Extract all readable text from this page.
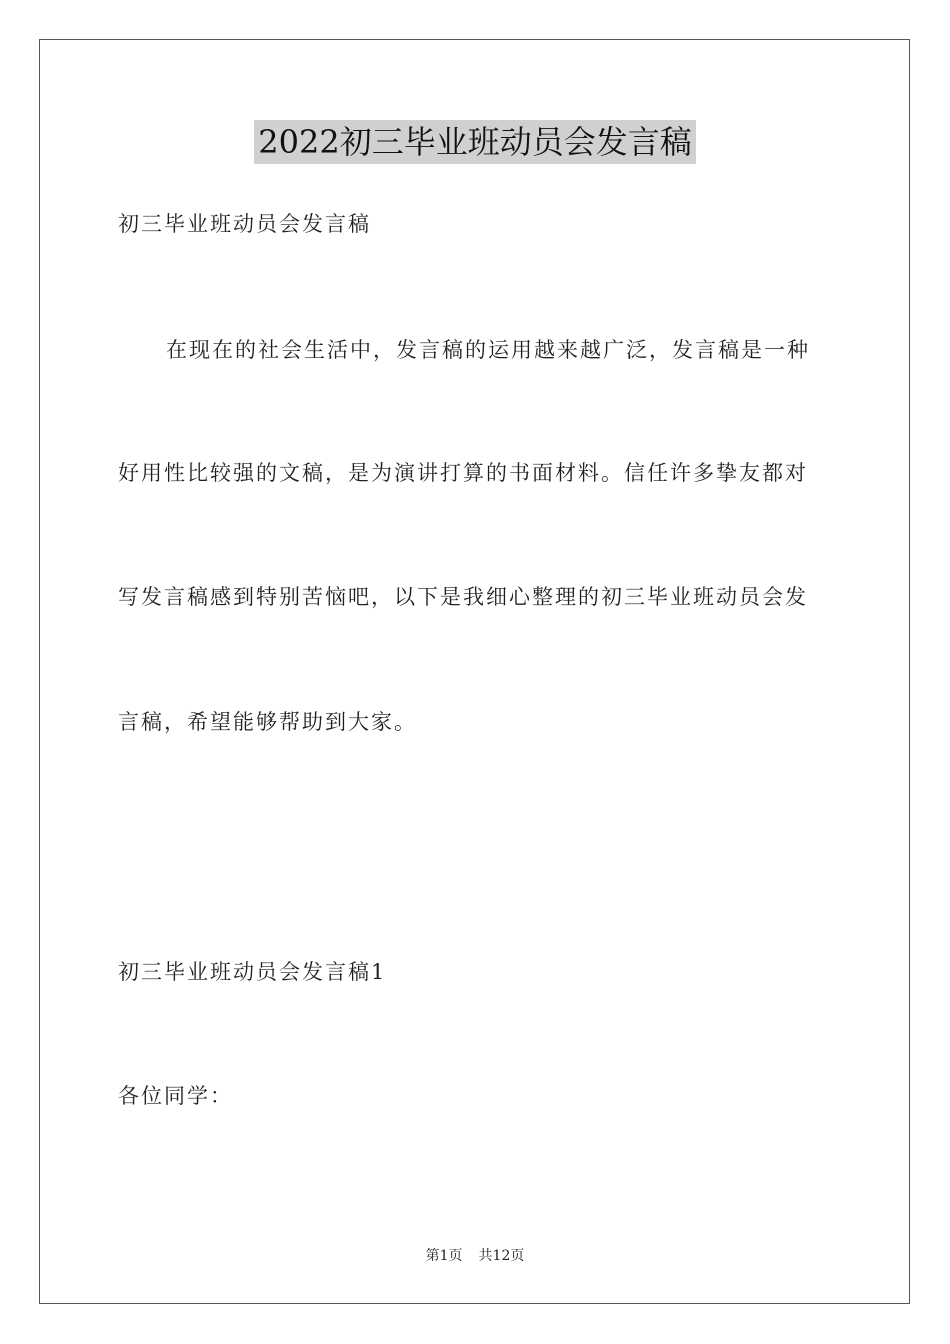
2022初三毕业班动员会发言稿
初三毕业班动员会发言稿
在现在的社会生活中，发言稿的运用越来越广泛，发言稿是一种
好用性比较强的文稿，是为演讲打算的书面材料。信任许多挚友都对
写发言稿感到特别苦恼吧，以下是我细心整理的初三毕业班动员会发
言稿，希望能够帮助到大家。
初三毕业班动员会发言稿1
各位同学：
第1页 共12页
